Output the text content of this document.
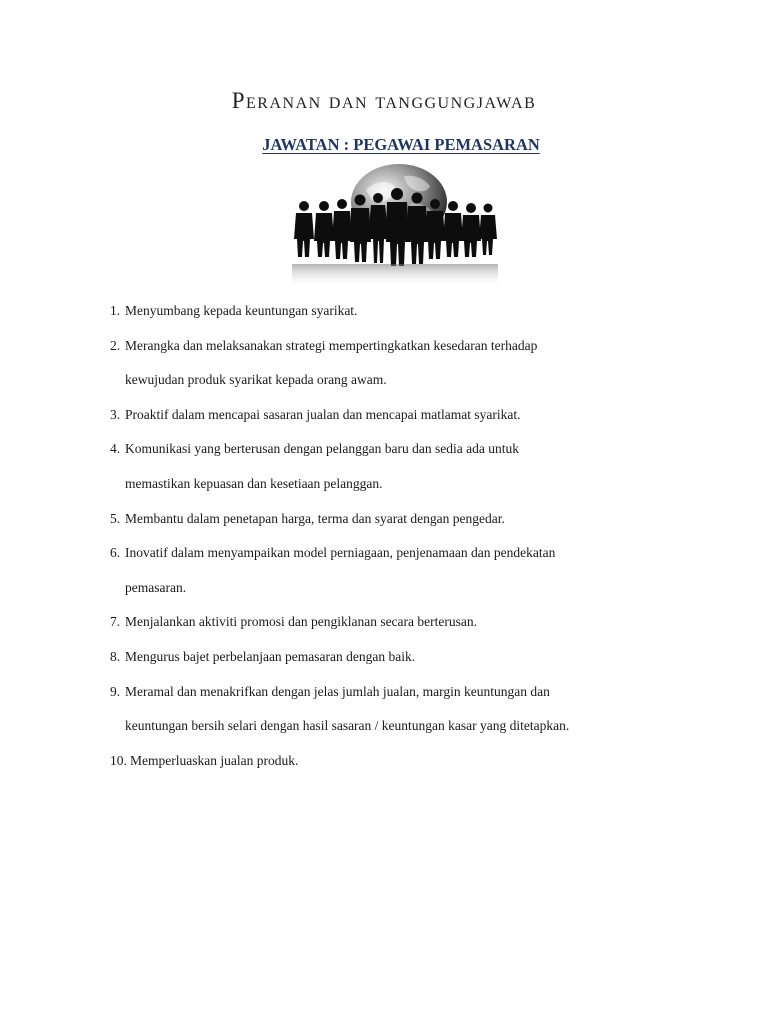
Peranan dan tanggungjawab
JAWATAN : PEGAWAI PEMASARAN
1. Menyumbang kepada keuntungan syarikat.
2. Merangka dan melaksanakan strategi mempertingkatkan kesedaran terhadap
kewujudan produk syarikat kepada orang awam.
3. Proaktif dalam mencapai sasaran jualan dan mencapai matlamat syarikat.
4. Komunikasi yang berterusan dengan pelanggan baru dan sedia ada untuk
memastikan kepuasan dan kesetiaan pelanggan.
5. Membantu dalam penetapan harga, terma dan syarat dengan pengedar.
6. Inovatif dalam menyampaikan model perniagaan, penjenamaan dan pendekatan
pemasaran.
7. Menjalankan aktiviti promosi dan pengiklanan secara berterusan.
8. Mengurus bajet perbelanjaan pemasaran dengan baik.
9. Meramal dan menakrifkan dengan jelas jumlah jualan, margin keuntungan dan
keuntungan bersih selari dengan hasil sasaran / keuntungan kasar yang ditetapkan.
10. Memperluaskan jualan produk.
